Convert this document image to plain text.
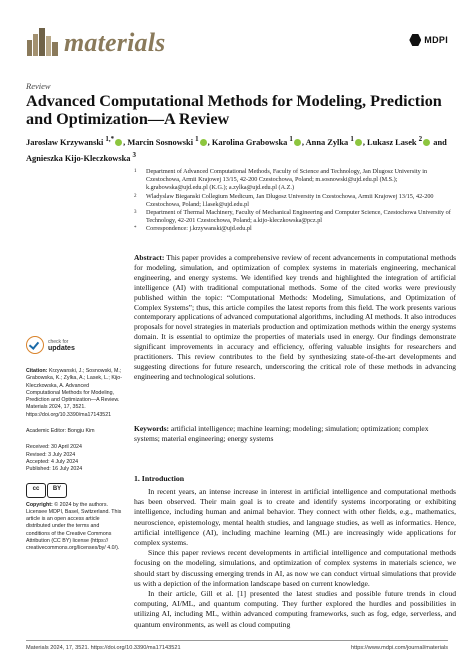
materials	MDPI
Review
Advanced Computational Methods for Modeling, Prediction and Optimization—A Review
Jaroslaw Krzywanski $^{1,*}$ , Marcin Sosnowski $^1$ , Karolina Grabowska $^1$ , Anna Zylka $^1$ , Lukasz Lasek $^2$ and
Agnieszka Kijo-Kleczkowska $^3$
1	Department of Advanced Computational Methods, Faculty of Science and Technology, Jan Dlugosz University in Czestochowa, Armii Krajowej 13/15, 42-200 Czestochowa, Poland; m.sosnowski@ujd.edu.pl (M.S.); k.grabowska@ujd.edu.pl (K.G.); a.zylka@ujd.edu.pl (A.Z.)
2	Wladyslaw Bieganski Collegium Medicum, Jan Dlugosz University in Czestochowa, Armii Krajowej 13/15, 42-200 Czestochowa, Poland; l.lasek@ujd.edu.pl
3	Department of Thermal Machinery, Faculty of Mechanical Engineering and Computer Science, Czestochowa University of Technology, 42-201 Czestochowa, Poland; a.kijo-kleczkowska@pcz.pl
*	Correspondence: j.krzywanski@ujd.edu.pl
Abstract: This paper provides a comprehensive review of recent advancements in computational methods for modeling, simulation, and optimization of complex systems in materials engineering, mechanical engineering, and energy systems. We identified key trends and highlighted the integration of artificial intelligence (AI) with traditional computational methods. Some of the cited works were previously published within the topic: “Computational Methods: Modeling, Simulations, and Optimization of Complex Systems”; thus, this article compiles the latest reports from this field. The work presents various contemporary applications of advanced computational algorithms, including AI methods. It also introduces proposals for novel strategies in materials production and optimization methods within the energy systems domain. It is essential to optimize the properties of materials used in energy. Our findings demonstrate significant improvements in accuracy and efficiency, offering valuable insights for researchers and practitioners. This review contributes to the field by synthesizing state-of-the-art developments and suggesting directions for future research, underscoring the critical role of these methods in advancing engineering and technological solutions.
Keywords: artificial intelligence; machine learning; modeling; simulation; optimization; complex systems; material engineering; energy systems
check for
updates
Citation: Krzywanski, J.; Sosnowski, M.; Grabowska, K.; Zylka, A.; Lasek, L.; Kijo-Kleczkowska, A. Advanced Computational Methods for Modeling, Prediction and Optimization—A Review. Materials 2024, 17, 3521. https://doi.org/10.3390/ma17143521
Academic Editor: Bongju Kim
Received: 30 April 2024
Revised: 3 July 2024
Accepted: 4 July 2024
Published: 16 July 2024
cc	BY
Copyright: © 2024 by the authors. Licensee MDPI, Basel, Switzerland. This article is an open access article distributed under the terms and conditions of the Creative Commons Attribution (CC BY) license (https:// creativecommons.org/licenses/by/ 4.0/).
1. Introduction

In recent years, an intense increase in interest in artificial intelligence and computational methods has been observed. Their main goal is to create and identify systems incorporating or exhibiting intelligence, including human and animal behavior. They connect with other fields, e.g., mathematics, neuroscience, epistemology, mental health studies, and language studies, as well as informatics. Hence, artificial intelligence (AI), including machine learning (ML) are increasingly wide applications for complex systems.

Since this paper reviews recent developments in artificial intelligence and computational methods focusing on the modeling, simulations, and optimization of complex systems in materials science, we should start by discussing emerging trends in AI, as now we can conduct virtual simulations that provide us with a depiction of the information landscape based on current knowledge.

In their article, Gill et al. [1] presented the latest studies and possible future trends in cloud computing, AI/ML, and quantum computing. They further explored the hurdles and possibilities in utilizing AI, including ML, within advanced computing frameworks, such as fog, edge, serverless, and quantum environments, as well as cloud computing

Materials 2024, 17, 3521. https://doi.org/10.3390/ma17143521	https://www.mdpi.com/journal/materials
